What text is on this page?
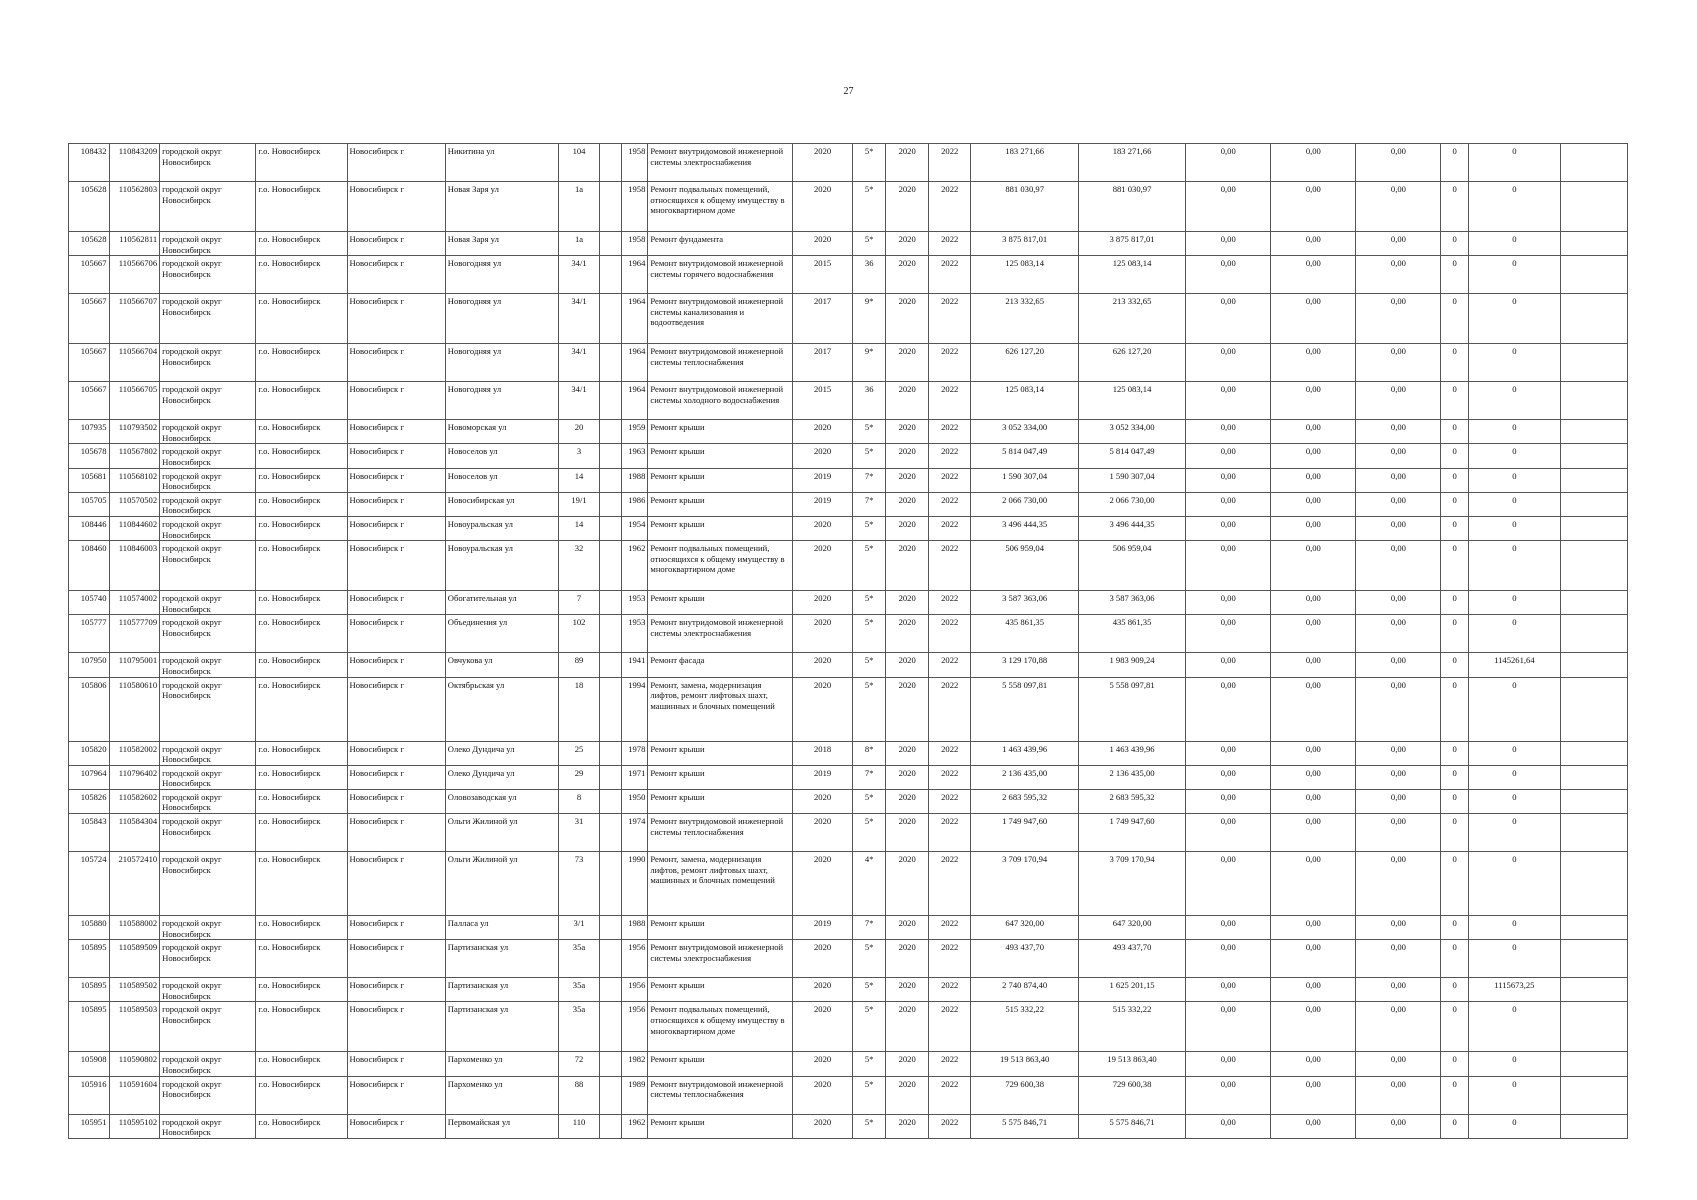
27
108432	110843209	городской округ Новосибирск	г.о. Новосибирск	Новосибирск г	Никитина ул	104		1958	Ремонт внутридомовой инженерной системы электроснабжения	2020	5*	2020	2022	183 271,66	183 271,66	0,00	0,00	0,00	0	0	
105628	110562803	городской округ Новосибирск	г.о. Новосибирск	Новосибирск г	Новая Заря ул	1а		1958	Ремонт подвальных помещений, относящихся к общему имуществу в многоквартирном доме	2020	5*	2020	2022	881 030,97	881 030,97	0,00	0,00	0,00	0	0	
105628	110562811	городской округ Новосибирск	г.о. Новосибирск	Новосибирск г	Новая Заря ул	1а		1958	Ремонт фундамента	2020	5*	2020	2022	3 875 817,01	3 875 817,01	0,00	0,00	0,00	0	0	
105667	110566706	городской округ Новосибирск	г.о. Новосибирск	Новосибирск г	Новогодняя ул	34/1		1964	Ремонт внутридомовой инженерной системы горячего водоснабжения	2015	36	2020	2022	125 083,14	125 083,14	0,00	0,00	0,00	0	0	
105667	110566707	городской округ Новосибирск	г.о. Новосибирск	Новосибирск г	Новогодняя ул	34/1		1964	Ремонт внутридомовой инженерной системы канализования и водоотведения	2017	9*	2020	2022	213 332,65	213 332,65	0,00	0,00	0,00	0	0	
105667	110566704	городской округ Новосибирск	г.о. Новосибирск	Новосибирск г	Новогодняя ул	34/1		1964	Ремонт внутридомовой инженерной системы теплоснабжения	2017	9*	2020	2022	626 127,20	626 127,20	0,00	0,00	0,00	0	0	
105667	110566705	городской округ Новосибирск	г.о. Новосибирск	Новосибирск г	Новогодняя ул	34/1		1964	Ремонт внутридомовой инженерной системы холодного водоснабжения	2015	36	2020	2022	125 083,14	125 083,14	0,00	0,00	0,00	0	0	
107935	110793502	городской округ Новосибирск	г.о. Новосибирск	Новосибирск г	Новоморская ул	20		1959	Ремонт крыши	2020	5*	2020	2022	3 052 334,00	3 052 334,00	0,00	0,00	0,00	0	0	
105678	110567802	городской округ Новосибирск	г.о. Новосибирск	Новосибирск г	Новоселов ул	3		1963	Ремонт крыши	2020	5*	2020	2022	5 814 047,49	5 814 047,49	0,00	0,00	0,00	0	0	
105681	110568102	городской округ Новосибирск	г.о. Новосибирск	Новосибирск г	Новоселов ул	14		1988	Ремонт крыши	2019	7*	2020	2022	1 590 307,04	1 590 307,04	0,00	0,00	0,00	0	0	
105705	110570502	городской округ Новосибирск	г.о. Новосибирск	Новосибирск г	Новосибирская ул	19/1		1986	Ремонт крыши	2019	7*	2020	2022	2 066 730,00	2 066 730,00	0,00	0,00	0,00	0	0	
108446	110844602	городской округ Новосибирск	г.о. Новосибирск	Новосибирск г	Новоуральская ул	14		1954	Ремонт крыши	2020	5*	2020	2022	3 496 444,35	3 496 444,35	0,00	0,00	0,00	0	0	
108460	110846003	городской округ Новосибирск	г.о. Новосибирск	Новосибирск г	Новоуральская ул	32		1962	Ремонт подвальных помещений, относящихся к общему имуществу в многоквартирном доме	2020	5*	2020	2022	506 959,04	506 959,04	0,00	0,00	0,00	0	0	
105740	110574002	городской округ Новосибирск	г.о. Новосибирск	Новосибирск г	Обогатительная ул	7		1953	Ремонт крыши	2020	5*	2020	2022	3 587 363,06	3 587 363,06	0,00	0,00	0,00	0	0	
105777	110577709	городской округ Новосибирск	г.о. Новосибирск	Новосибирск г	Объединения ул	102		1953	Ремонт внутридомовой инженерной системы электроснабжения	2020	5*	2020	2022	435 861,35	435 861,35	0,00	0,00	0,00	0	0	
107950	110795001	городской округ Новосибирск	г.о. Новосибирск	Новосибирск г	Овчукова ул	89		1941	Ремонт фасада	2020	5*	2020	2022	3 129 170,88	1 983 909,24	0,00	0,00	0,00	0	1145261,64	
105806	110580610	городской округ Новосибирск	г.о. Новосибирск	Новосибирск г	Октябрьская ул	18		1994	Ремонт, замена, модернизация лифтов, ремонт лифтовых шахт, машинных и блочных помещений	2020	5*	2020	2022	5 558 097,81	5 558 097,81	0,00	0,00	0,00	0	0	
105820	110582002	городской округ Новосибирск	г.о. Новосибирск	Новосибирск г	Олеко Дундича ул	25		1978	Ремонт крыши	2018	8*	2020	2022	1 463 439,96	1 463 439,96	0,00	0,00	0,00	0	0	
107964	110796402	городской округ Новосибирск	г.о. Новосибирск	Новосибирск г	Олеко Дундича ул	29		1971	Ремонт крыши	2019	7*	2020	2022	2 136 435,00	2 136 435,00	0,00	0,00	0,00	0	0	
105826	110582602	городской округ Новосибирск	г.о. Новосибирск	Новосибирск г	Оловозаводская ул	8		1950	Ремонт крыши	2020	5*	2020	2022	2 683 595,32	2 683 595,32	0,00	0,00	0,00	0	0	
105843	110584304	городской округ Новосибирск	г.о. Новосибирск	Новосибирск г	Ольги Жилиной ул	31		1974	Ремонт внутридомовой инженерной системы теплоснабжения	2020	5*	2020	2022	1 749 947,60	1 749 947,60	0,00	0,00	0,00	0	0	
105724	210572410	городской округ Новосибирск	г.о. Новосибирск	Новосибирск г	Ольги Жилиной ул	73		1990	Ремонт, замена, модернизация лифтов, ремонт лифтовых шахт, машинных и блочных помещений	2020	4*	2020	2022	3 709 170,94	3 709 170,94	0,00	0,00	0,00	0	0	
105880	110588002	городской округ Новосибирск	г.о. Новосибирск	Новосибирск г	Палласа ул	3/1		1988	Ремонт крыши	2019	7*	2020	2022	647 320,00	647 320,00	0,00	0,00	0,00	0	0	
105895	110589509	городской округ Новосибирск	г.о. Новосибирск	Новосибирск г	Партизанская ул	35а		1956	Ремонт внутридомовой инженерной системы электроснабжения	2020	5*	2020	2022	493 437,70	493 437,70	0,00	0,00	0,00	0	0	
105895	110589502	городской округ Новосибирск	г.о. Новосибирск	Новосибирск г	Партизанская ул	35а		1956	Ремонт крыши	2020	5*	2020	2022	2 740 874,40	1 625 201,15	0,00	0,00	0,00	0	1115673,25	
105895	110589503	городской округ Новосибирск	г.о. Новосибирск	Новосибирск г	Партизанская ул	35а		1956	Ремонт подвальных помещений, относящихся к общему имуществу в многоквартирном доме	2020	5*	2020	2022	515 332,22	515 332,22	0,00	0,00	0,00	0	0	
105908	110590802	городской округ Новосибирск	г.о. Новосибирск	Новосибирск г	Пархоменко ул	72		1982	Ремонт крыши	2020	5*	2020	2022	19 513 863,40	19 513 863,40	0,00	0,00	0,00	0	0	
105916	110591604	городской округ Новосибирск	г.о. Новосибирск	Новосибирск г	Пархоменко ул	88		1989	Ремонт внутридомовой инженерной системы теплоснабжения	2020	5*	2020	2022	729 600,38	729 600,38	0,00	0,00	0,00	0	0	
105951	110595102	городской округ Новосибирск	г.о. Новосибирск	Новосибирск г	Первомайская ул	110		1962	Ремонт крыши	2020	5*	2020	2022	5 575 846,71	5 575 846,71	0,00	0,00	0,00	0	0	
